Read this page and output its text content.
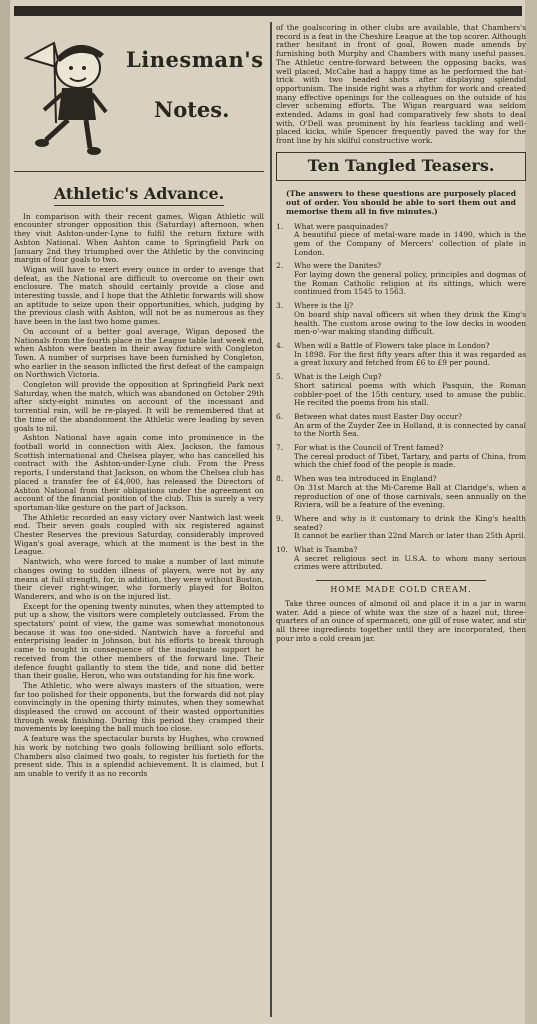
Linesman's
Notes.
Athletic's Advance.

In comparison with their recent games, Wigan Athletic will encounter stronger opposition this (Saturday) afternoon, when they visit Ashton-under-Lyne to fulfil the return fixture with Ashton National. When Ashton came to Springfield Park on January 2nd they triumphed over the Athletic by the convincing margin of four goals to two.

Wigan will have to exert every ounce in order to avenge that defeat, as the National are difficult to overcome on their own enclosure. The match should certainly provide a close and interesting tussle, and I hope that the Athletic forwards will show an aptitude to seize upon their opportunities, which, judging by the previous clash with Ashton, will not be as numerous as they have been in the last two home games.

On account of a better goal average, Wigan deposed the Nationals from the fourth place in the League table last week end, when Ashton were beaten in their away fixture with Congleton Town. A number of surprises have been furnished by Congleton, who earlier in the season inflicted the first defeat of the campaign on Northwich Victoria.

Congleton will provide the opposition at Springfield Park next Saturday, when the match, which was abandoned on October 29th after sixty-eight minutes on account of the incessant and torrential rain, will be re-played. It will be remembered that at the time of the abandonment the Athletic were leading by seven goals to nil.

Ashton National have again come into prominence in the football world in connection with Alex. Jackson, the famous Scottish international and Chelsea player, who has cancelled his contract with the Ashton-under-Lyne club. From the Press reports, I understand that Jackson, on whom the Chelsea club has placed a transfer fee of £4,000, has released the Directors of Ashton National from their obligations under the agreement on account of the financial position of the club. This is surely a very sportsman-like gesture on the part of Jackson.

The Athletic recorded an easy victory over Nantwich last week end. Their seven goals coupled with six registered against Chester Reserves the previous Saturday, considerably improved Wigan's goal average, which at the moment is the best in the League.

Nantwich, who were forced to make a number of last minute changes owing to sudden illness of players, were not by any means at full strength, for, in addition, they were without Boston, their clever right-winger, who formerly played for Bolton Wanderers, and who is on the injured list.

Except for the opening twenty minutes, when they attempted to put up a show, the visitors were completely outclassed. From the spectators' point of view, the game was somewhat monotonous because it was too one-sided. Nantwich have a forceful and enterprising leader in Johnson, but his efforts to break through came to nought in consequence of the inadequate support he received from the other members of the forward line. Their defence fought gallantly to stem the tide, and none did better than their goalie, Heron, who was outstanding for his fine work.

The Athletic, who were always masters of the situation, were far too polished for their opponents, but the forwards did not play convincingly in the opening thirty minutes, when they somewhat displeased the crowd on account of their wasted opportunities through weak finishing. During this period they cramped their movements by keeping the ball much too close.

A feature was the spectacular bursts by Hughes, who crowned his work by notching two goals following brilliant solo efforts. Chambers also claimed two goals, to register his fortieth for the present side. This is a splendid achievement. It is claimed, but I am unable to verify it as no records

of the goalscoring in other clubs are available, that Chambers's record is a feat in the Cheshire League at the top scorer. Although rather hesitant in front of goal, Bowen made amends by furnishing both Murphy and Chambers with many useful passes. The Athletic centre-forward between the opposing backs, was well placed, McCabe had a happy time as he performed the hat-trick with two headed shots after displaying splendid opportunism. The inside right was a rhythm for work and created many effective openings for the colleagues on the outside of his clever scheming efforts. The Wigan rearguard was seldom extended. Adams in goal had comparatively few shots to deal with, O'Dell was prominent by his fearless tackling and well-placed kicks, while Spencer frequently paved the way for the front line by his skilful constructive work.

Ten Tangled Teasers.
(The answers to these questions are purposely placed out of order. You should be able to sort them out and memorise them all in five minutes.)
1.	What were pasquinades?
A beautiful piece of metal-ware made in 1490, which is the gem of the Company of Mercers' collection of plate in London.
2.	Who were the Danites?
For laying down the general policy, principles and dogmas of the Roman Catholic religion at its sittings, which were continued from 1545 to 1563.
3.	Where is the Ij?
On board ship naval officers sit when they drink the King's health. The custom arose owing to the low decks in wooden men-o'-war making standing difficult.
4.	When will a Battle of Flowers take place in London?
In 1898. For the first fifty years after this it was regarded as a great luxury and fetched from £6 to £9 per pound.
5.	What is the Leigh Cup?
Short satirical poems with which Pasquin, the Roman cobbler-poet of the 15th century, used to amuse the public. He recited the poems from his stall.
6.	Between what dates must Easter Day occur?
An arm of the Zuyder Zee in Holland, it is connected by canal to the North Sea.
7.	For what is the Council of Trent famed?
The cereal product of Tibet, Tartary, and parts of China, from which the chief food of the people is made.
8.	When was tea introduced in England?
On 31st March at the Mi-Careme Ball at Claridge's, when a reproduction of one of those carnivals, seen annually on the Riviera, will be a feature of the evening.
9.	Where and why is it customary to drink the King's health seated?
It cannot be earlier than 22nd March or later than 25th April.
10. What is Tsamba?
A secret religious sect in U.S.A. to whom many serious crimes were attributed.
HOME MADE COLD CREAM.

Take three ounces of almond oil and place it in a jar in warm water. Add a piece of white wax the size of a hazel nut, three-quarters of an ounce of spermaceti, one gill of rose water, and stir all three ingredients together until they are incorporated, then pour into a cold cream jar.
